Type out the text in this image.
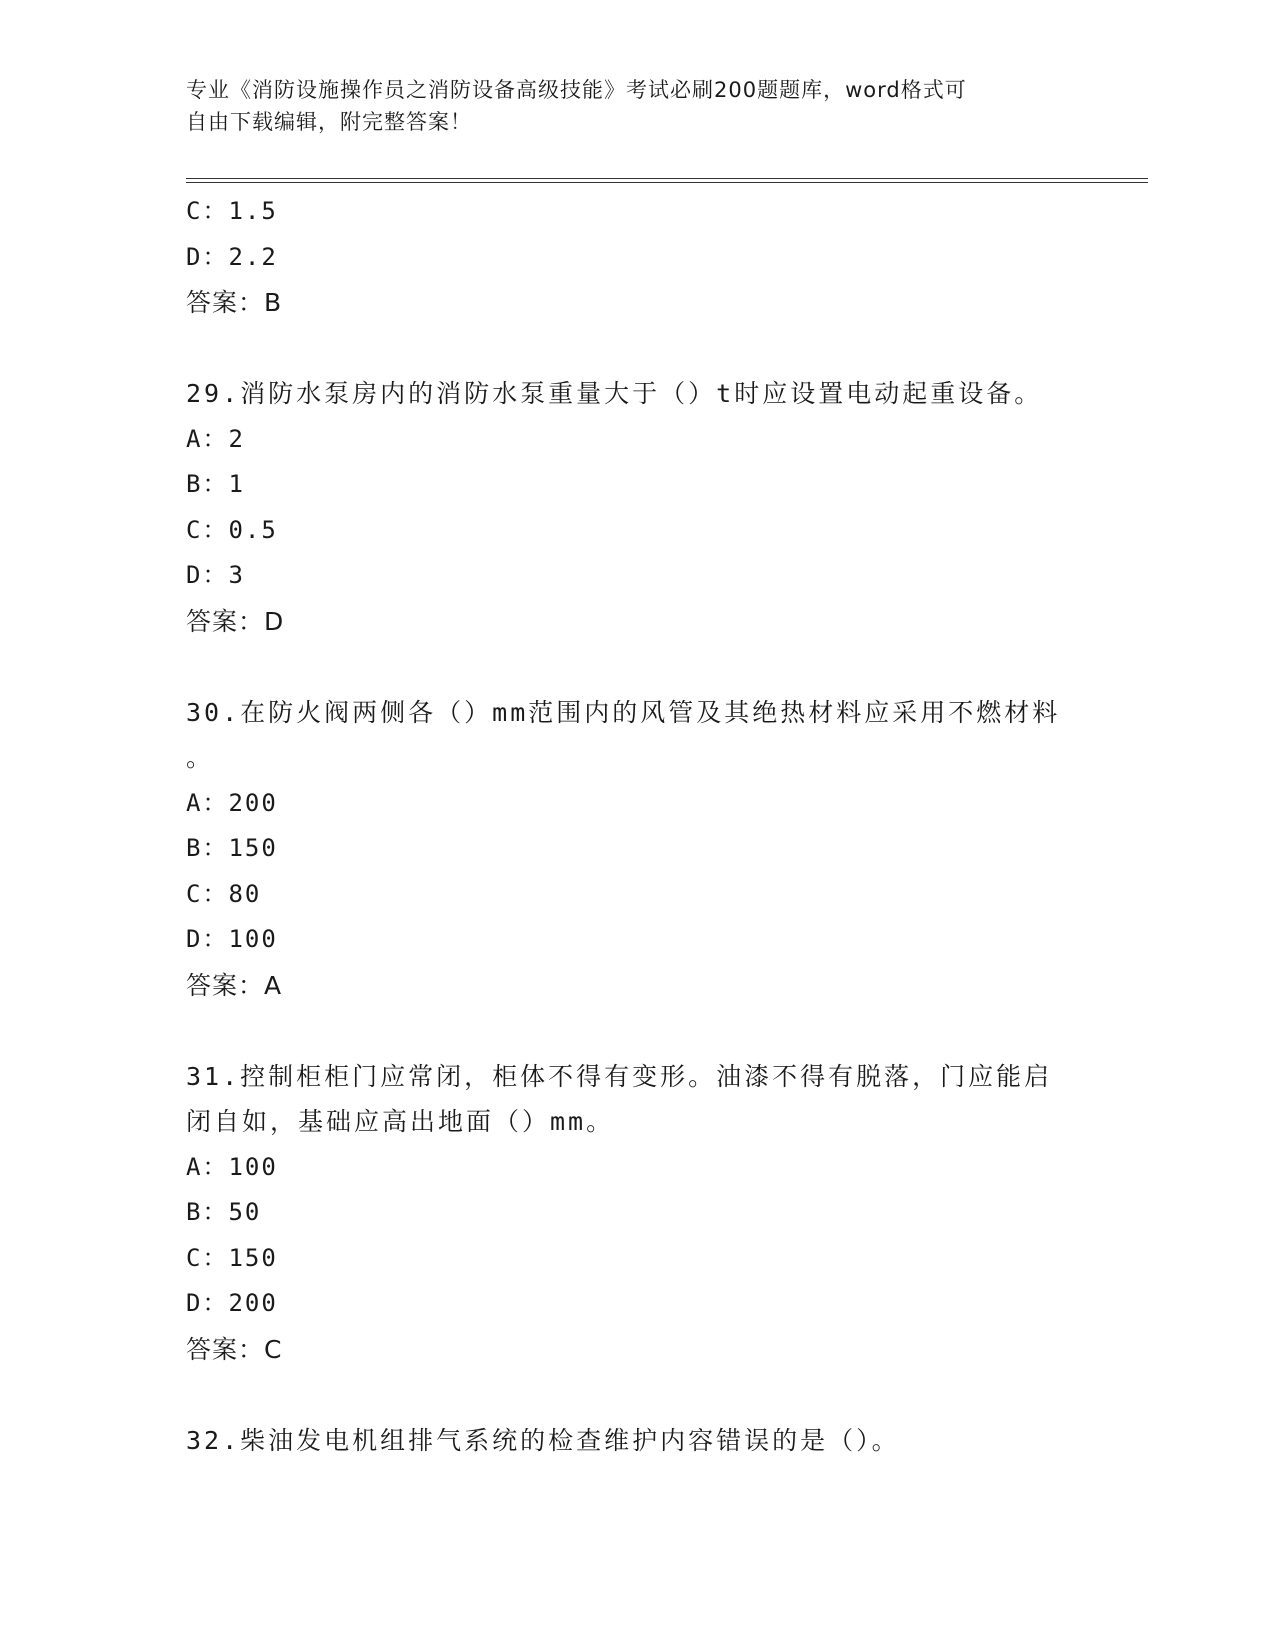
专业《消防设施操作员之消防设备高级技能》考试必刷200题题库，word格式可
自由下载编辑，附完整答案！
C：1.5
D：2.2
答案：B
29.消防水泵房内的消防水泵重量大于（）t时应设置电动起重设备。
A：2
B：1
C：0.5
D：3
答案：D
30.在防火阀两侧各（）mm范围内的风管及其绝热材料应采用不燃材料
。
A：200
B：150
C：80
D：100
答案：A
31.控制柜柜门应常闭，柜体不得有变形。油漆不得有脱落，门应能启
闭自如，基础应高出地面（）mm。
A：100
B：50
C：150
D：200
答案：C
32.柴油发电机组排气系统的检查维护内容错误的是（）。
